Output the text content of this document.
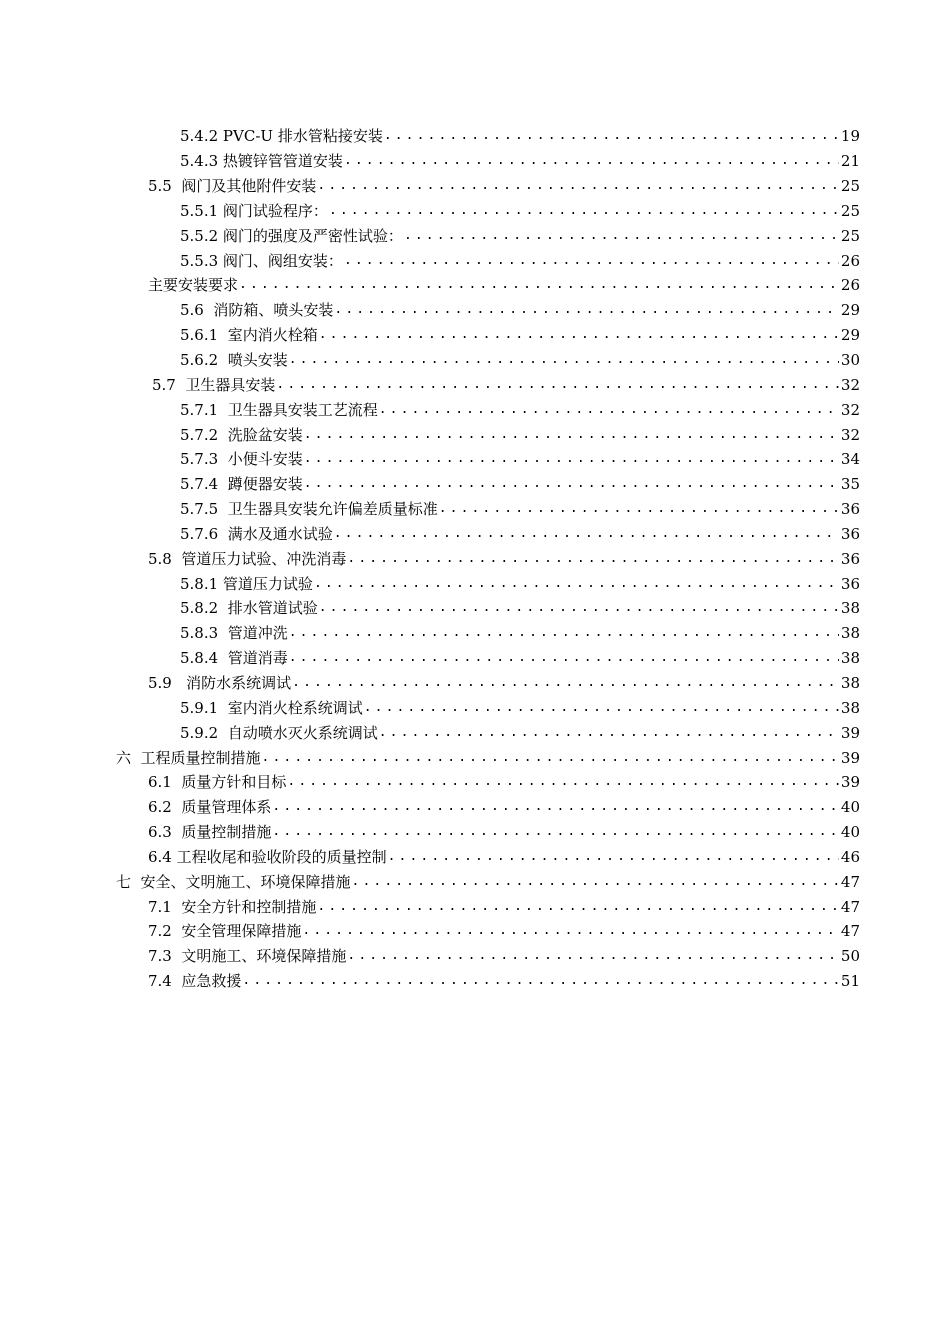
5.4.2 PVC-U 排水管粘接安装 .....	19
5.4.3 热镀锌管管道安装 .....	21
5.5  阀门及其他附件安装 .....	25
5.5.1 阀门试验程序： .....	25
5.5.2 阀门的强度及严密性试验： .....	25
5.5.3 阀门、阀组安装： .....	26
主要安装要求 .....	26
5.6  消防箱、喷头安装 .....	29
5.6.1  室内消火栓箱 .....	29
5.6.2  喷头安装 .....	30
5.7  卫生器具安装 .....	32
5.7.1  卫生器具安装工艺流程 .....	32
5.7.2  洗脸盆安装 .....	32
5.7.3  小便斗安装 .....	34
5.7.4  蹲便器安装 .....	35
5.7.5  卫生器具安装允许偏差质量标准 .....	36
5.7.6  满水及通水试验 .....	36
5.8  管道压力试验、冲洗消毒 .....	36
5.8.1 管道压力试验 .....	36
5.8.2  排水管道试验 .....	38
5.8.3  管道冲洗 .....	38
5.8.4  管道消毒 .....	38
5.9   消防水系统调试 .....	38
5.9.1  室内消火栓系统调试 .....	38
5.9.2  自动喷水灭火系统调试 .....	39
六  工程质量控制措施 .....	39
6.1  质量方针和目标 .....	39
6.2  质量管理体系 .....	40
6.3  质量控制措施 .....	40
6.4 工程收尾和验收阶段的质量控制 .....	46
七  安全、文明施工、环境保障措施 .....	47
7.1  安全方针和控制措施 .....	47
7.2  安全管理保障措施 .....	47
7.3  文明施工、环境保障措施 .....	50
7.4  应急救援 .....	51
